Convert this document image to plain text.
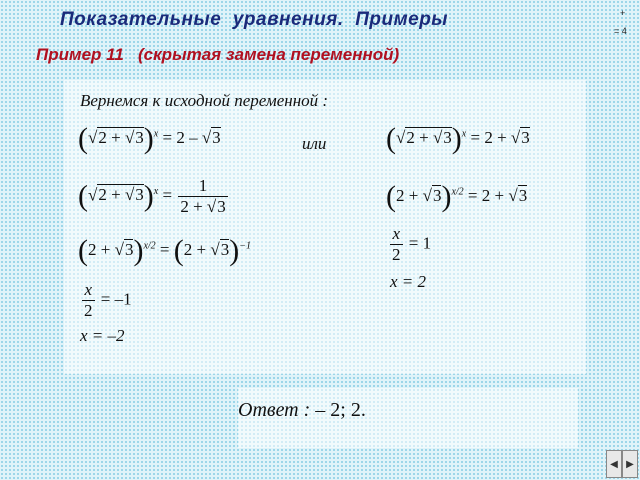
Показательные  уравнения.  Примеры
Пример 11   (скрытая замена переменной)
+
= 4
Вернемся к исходной переменной :
$(√2 + √3)^x = 2 - √3$	или $(√2 + √3)^x = 2 + √3$
$(√2 + √3)^x = \frac{1}{2 + √3}$	$(2 + √3)^{x/2} = 2 + √3$
$\frac{x}{2} = 1$
x = 2
$(2 + √3)^{x/2} = (2 + √3)^{-1}$
$\frac{x}{2} = -1$
x = –2
Ответ : – 2; 2.
◀ ▶
